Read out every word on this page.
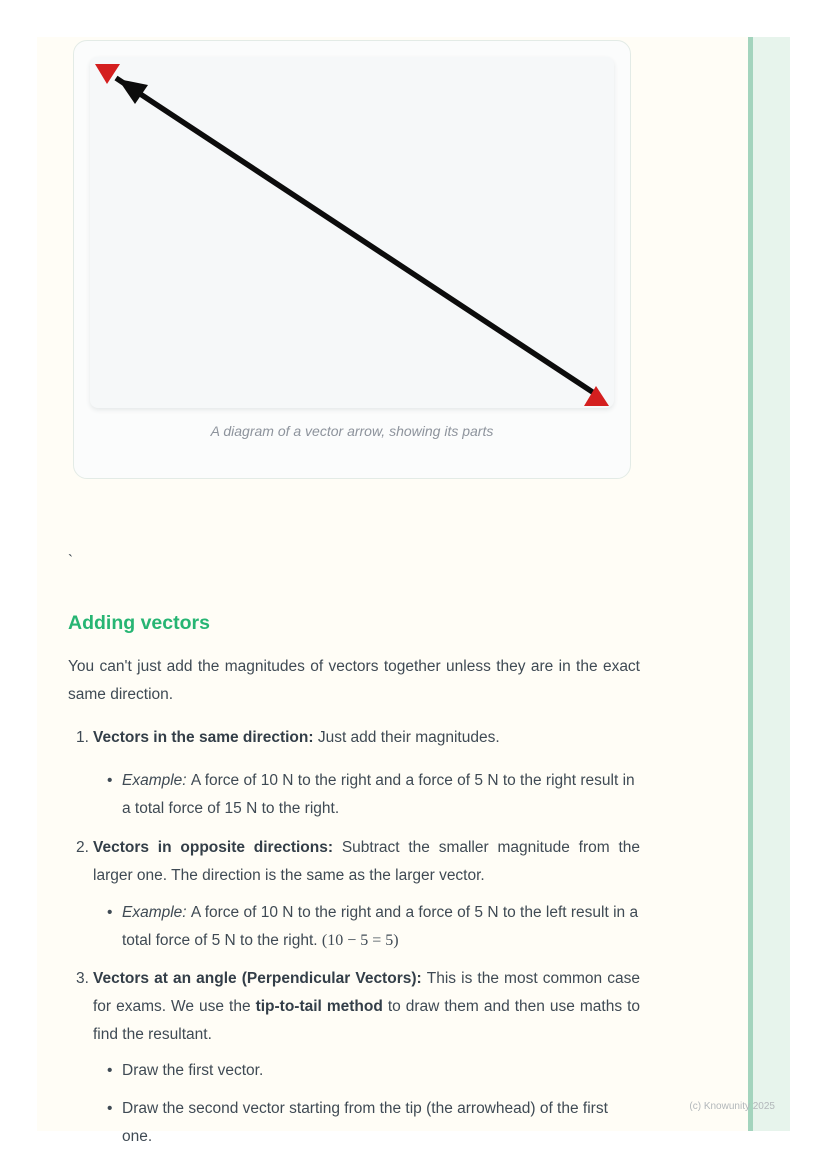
A diagram of a vector arrow, showing its parts
`
Adding vectors

You can't just add the magnitudes of vectors together unless they are in the exact same direction.

1. Vectors in the same direction: Just add their magnitudes.

• Example: A force of 10 N to the right and a force of 5 N to the right result in a total force of 15 N to the right.

2. Vectors in opposite directions: Subtract the smaller magnitude from the larger one. The direction is the same as the larger vector.

• Example: A force of 10 N to the right and a force of 5 N to the left result in a total force of 5 N to the right. (10 − 5 = 5)

3. Vectors at an angle (Perpendicular Vectors): This is the most common case for exams. We use the tip-to-tail method to draw them and then use maths to find the resultant.

• Draw the first vector.

• Draw the second vector starting from the tip (the arrowhead) of the first one.

(c) Knowunity 2025
